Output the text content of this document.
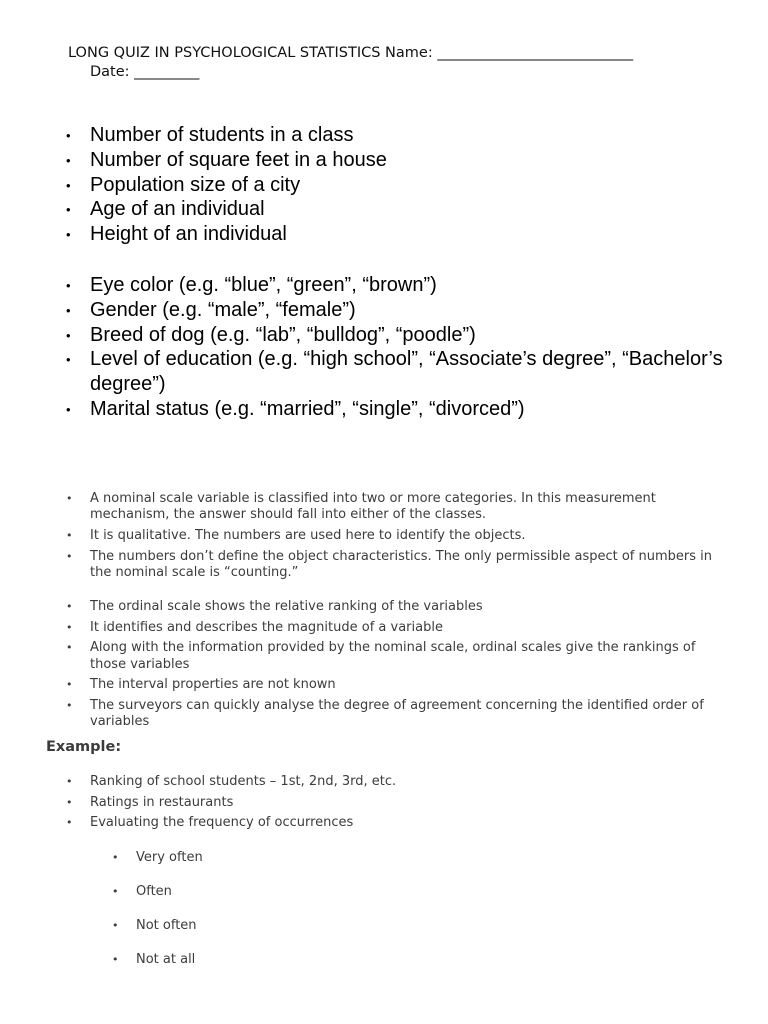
LONG QUIZ IN PSYCHOLOGICAL STATISTICS Name: ___________________________
Date: _________
• Number of students in a class
• Number of square feet in a house
• Population size of a city
• Age of an individual
• Height of an individual
• Eye color (e.g. “blue”, “green”, “brown”)
• Gender (e.g. “male”, “female”)
• Breed of dog (e.g. “lab”, “bulldog”, “poodle”)
• Level of education (e.g. “high school”, “Associate’s degree”, “Bachelor’s degree”)
• Marital status (e.g. “married”, “single”, “divorced”)
• A nominal scale variable is classified into two or more categories. In this measurement mechanism, the answer should fall into either of the classes.
• It is qualitative. The numbers are used here to identify the objects.
• The numbers don’t define the object characteristics. The only permissible aspect of numbers in the nominal scale is “counting.”
• The ordinal scale shows the relative ranking of the variables
• It identifies and describes the magnitude of a variable
• Along with the information provided by the nominal scale, ordinal scales give the rankings of those variables
• The interval properties are not known
• The surveyors can quickly analyse the degree of agreement concerning the identified order of variables
Example:
• Ranking of school students – 1st, 2nd, 3rd, etc.
• Ratings in restaurants
• Evaluating the frequency of occurrences
• Very often
• Often
• Not often
• Not at all
